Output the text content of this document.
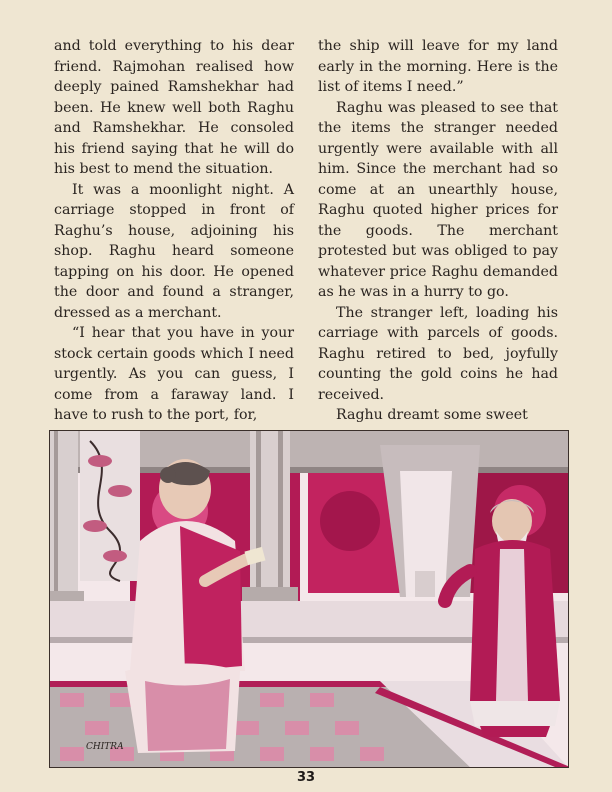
and told everything to his dear friend. Rajmohan realised how deeply pained Ramshekhar had been. He knew well both Raghu and Ramshekhar. He consoled his friend saying that he will do his best to mend the situation.

It was a moonlight night. A carriage stopped in front of Raghu’s house, adjoining his shop. Raghu heard someone tapping on his door. He opened the door and found a stranger, dressed as a merchant.

“I hear that you have in your stock certain goods which I need urgently. As you can guess, I come from a faraway land. I have to rush to the port, for,

the ship will leave for my land early in the morning. Here is the list of items I need.”

Raghu was pleased to see that the items the stranger needed urgently were available with all him. Since the merchant had so come at an unearthly house, Raghu quoted higher prices for the goods. The merchant protested but was obliged to pay whatever price Raghu demanded as he was in a hurry to go.

The stranger left, loading his carriage with parcels of goods. Raghu retired to bed, joyfully counting the gold coins he had received.

Raghu dreamt some sweet

CHITRA
33
